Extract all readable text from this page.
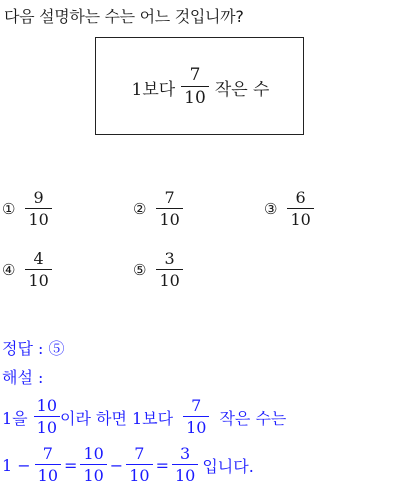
다음 설명하는 수는 어느 것입니까?
1보다 $\frac{7}{10}$ 작은 수
① $\frac{9}{10}$	② $\frac{7}{10}$	③ $\frac{6}{10}$
④ $\frac{4}{10}$	⑤ $\frac{3}{10}$
정답 : ⑤
해설 :
1을 $\frac{10}{10}$ 이라 하면 1보다 $\frac{7}{10}$ 작은 수는
$1 - \frac{7}{10} = \frac{10}{10} - \frac{7}{10} = \frac{3}{10}$ 입니다.
